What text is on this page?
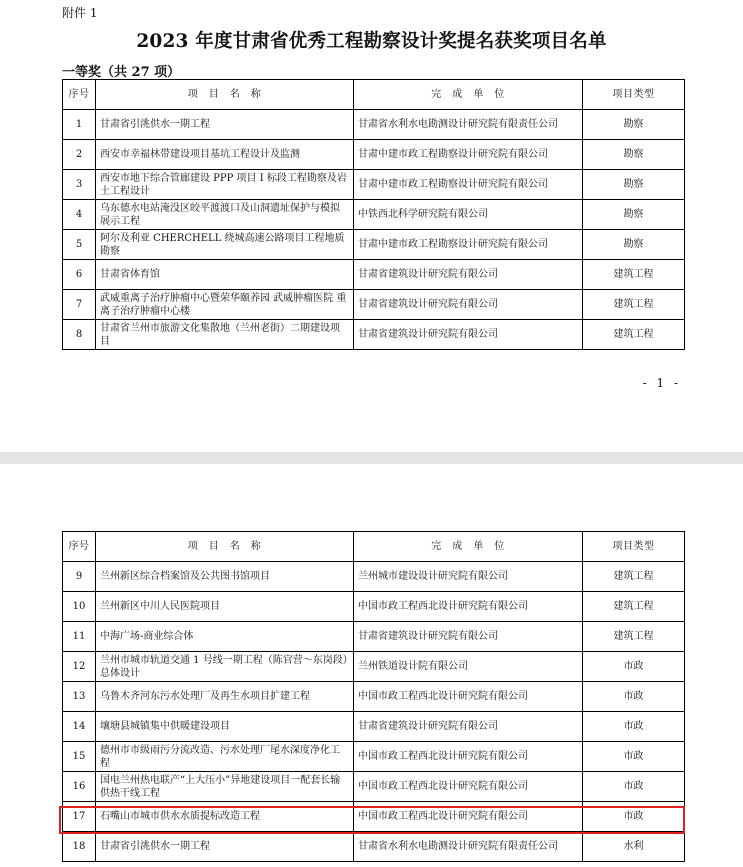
附件 1
2023 年度甘肃省优秀工程勘察设计奖提名获奖项目名单
一等奖（共 27 项）
序号	项　目　名　称	完　成　单　位	项目类型
1	甘肃省引洮供水一期工程	甘肃省水利水电勘测设计研究院有限责任公司	勘察
2	西安市幸福林带建设项目基坑工程设计及监测	甘肃中建市政工程勘察设计研究院有限公司	勘察
3	西安市地下综合管廊建设 PPP 项目 I 标段工程勘察及岩土工程设计	甘肃中建市政工程勘察设计研究院有限公司	勘察
4	乌东德水电站淹没区皎平渡渡口及山洞遗址保护与模拟展示工程	中铁西北科学研究院有限公司	勘察
5	阿尔及利亚 CHERCHELL 绕城高速公路项目工程地质勘察	甘肃中建市政工程勘察设计研究院有限公司	勘察
6	甘肃省体育馆	甘肃省建筑设计研究院有限公司	建筑工程
7	武威重离子治疗肿瘤中心暨荣华颐养园 武威肿瘤医院 重离子治疗肿瘤中心楼	甘肃省建筑设计研究院有限公司	建筑工程
8	甘肃省兰州市旅游文化集散地（兰州老街）二期建设项目	甘肃省建筑设计研究院有限公司	建筑工程
- 1 -
序号	项　目　名　称	完　成　单　位	项目类型
9	兰州新区综合档案馆及公共图书馆项目	兰州城市建设设计研究院有限公司	建筑工程
10	兰州新区中川人民医院项目	中国市政工程西北设计研究院有限公司	建筑工程
11	中海广场-商业综合体	甘肃省建筑设计研究院有限公司	建筑工程
12	兰州市城市轨道交通 1 号线一期工程（陈官营～东岗段）总体设计	兰州铁道设计院有限公司	市政
13	乌鲁木齐河东污水处理厂及再生水项目扩建工程	中国市政工程西北设计研究院有限公司	市政
14	壤塘县城镇集中供暖建设项目	甘肃省建筑设计研究院有限公司	市政
15	德州市市级雨污分流改造、污水处理厂尾水深度净化工程	中国市政工程西北设计研究院有限公司	市政
16	国电兰州热电联产“上大压小”异地建设项目一配套长输供热干线工程	中国市政工程西北设计研究院有限公司	市政
17	石嘴山市城市供水水质提标改造工程	中国市政工程西北设计研究院有限公司	市政
18	甘肃省引洮供水一期工程	甘肃省水利水电勘测设计研究院有限责任公司	水利
